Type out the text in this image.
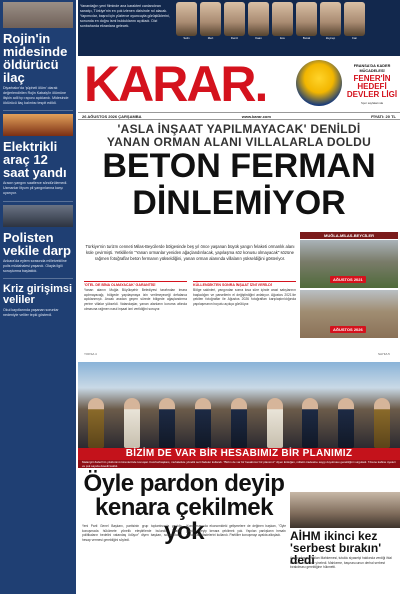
Rojin'in midesinde öldürücü ilaç
Diyarbakır'da 'şüpheli ölüm' olarak değerlendirilen Rojin Kabaiş'in ölümüne ilişkin adli tıp raporu açıklandı. Midesinde öldürücü ilaç kalıntısı tespit edildi.
Elektrikli araç 12 saat yandı
Aracın yangını saatlerce söndürülemedi. Uzmanlar lityum pil yangınlarına karşı uyarıyor.
Polisten vekile darp
Ankara'da eylem sırasında milletvekiline polis müdahalesi yaşandı. Olayla ilgili soruşturma başlatıldı.
Kriz girişimsi veliler
Okul kayıtlarında yaşanan sorunlar nedeniyle veliler tepki gösterdi.
Yanardağın yeni filminde ana karakteri canlandıran sanatçı, Türkiye'nin en çok izlenen dizisinde rol alacak. Yapımcılar, başrol için yüzlerce oyuncuyla görüştüklerini, sonunda en doğru ismi bulduklarını açıkladı. Dizi sonbaharda ekranlara gelecek.
Selin	Mert	Deniz	Kaan	Ece	Burak	Zeynep	Can
KARAR.	FRANSA'DA KADER MÜCADELESİ
FENER'İN HEDEFİ DEVLER LİGİ
Spor sayfalarında
26 AĞUSTOS 2026 ÇARŞAMBA	www.karar.com	FİYATI: 20 TL
'ASLA İNŞAAT YAPILMAYACAK' DENİLDİ
YANAN ORMAN ALANI VILLALARLA DOLDU
BETON FERMAN
DİNLEMİYOR

Türkiye'nin turizm cenneti Milas-Beycilerde bölgesinde beş yıl önce yaşanan büyük yangın felaketi ormanlık alanı küle çevirmişti. Yetkililerin "Yanan ormanlar yeniden ağaçlandırılacak, yapılaşma söz konusu olmayacak" sözüne rağmen fotoğraflar beton fermanın yükseldiğini, yanan orman alanında villaların yükseldiğini gösteriyor.

'OTEL DE BİNA OLMAYACAK' GARANTİSİ	KÜLLENDİKTEN SONRA İNŞAAT İZNİ VERİLDİ
Yanan alanın Muğla Büyükşehir Belediyesi tarafından imara açılmayacağı, bölgede yapılaşmaya izin verilmeyeceği defalarca açıklanmıştı. Ancak aradan geçen sürede bölgede ağaçlandırma yerine villalar yükseldi. Vatandaşlar, yanan alanların koruma altında olmasına rağmen nasıl inşaat izni verildiğini soruyor.
Bölge sakinleri, yangından sonra kısa süre içinde arazi satışlarının başladığını ve parsellerin el değiştirdiğini anlatıyor. Ağustos 2021'de çekilen fotoğraflar ile Ağustos 2026 fotoğrafları karşılaştırıldığında yapılaşmanın boyutu açıkça görülüyor.
MUĞLA-MİLAS-BEYCİLER
AĞUSTOS 2021
AĞUSTOS 2026
YOKSA 4	SAYFA 5
BİZİM DE VAR BİR HESABIMIZ BİR PLANIMIZ
Malazgirt Zaferi'nin yıldönümü törenlerinde konuşan Cumhurbaşkanı, muhalefete yönelik sert ifadeler kullandı. "Bizim de var bir hesabımız bir planımız" diyen Erdoğan, milletin iradesine saygı duyulması gerektiğini vurguladı. Törene kabine üyeleri ve çok sayıda davetli katıldı.
Öyle pardon deyip
kenara çekilmek yok
Yeni Parti Genel Başkanı, partisinin grup toplantısında yaptığı konuşmada hükümete yönelik eleştirilerde bulundu. "Hatalı politikaların bedelini vatandaş ödüyor" diyen başkan, sorumluların hesap vermesi gerektiğini söyledi.
Konuşmasında ekonomideki gelişmelere de değinen başkan, "Öyle pardon deyip kenara çekilmek yok. Yapılan yanlışların hesabı sorulacak" ifadelerini kullandı. Partililer konuşmayı ayakta alkışladı. AİHM ikinci kez 'serbest bırakın' dedi
Avrupa İnsan Hakları Mahkemesi, tutuklu siyasetçi hakkında verdiği ihlal kararını ikinci kez yineledi. Mahkeme, başvurucunun derhal serbest bırakılması gerektiğine hükmetti.
